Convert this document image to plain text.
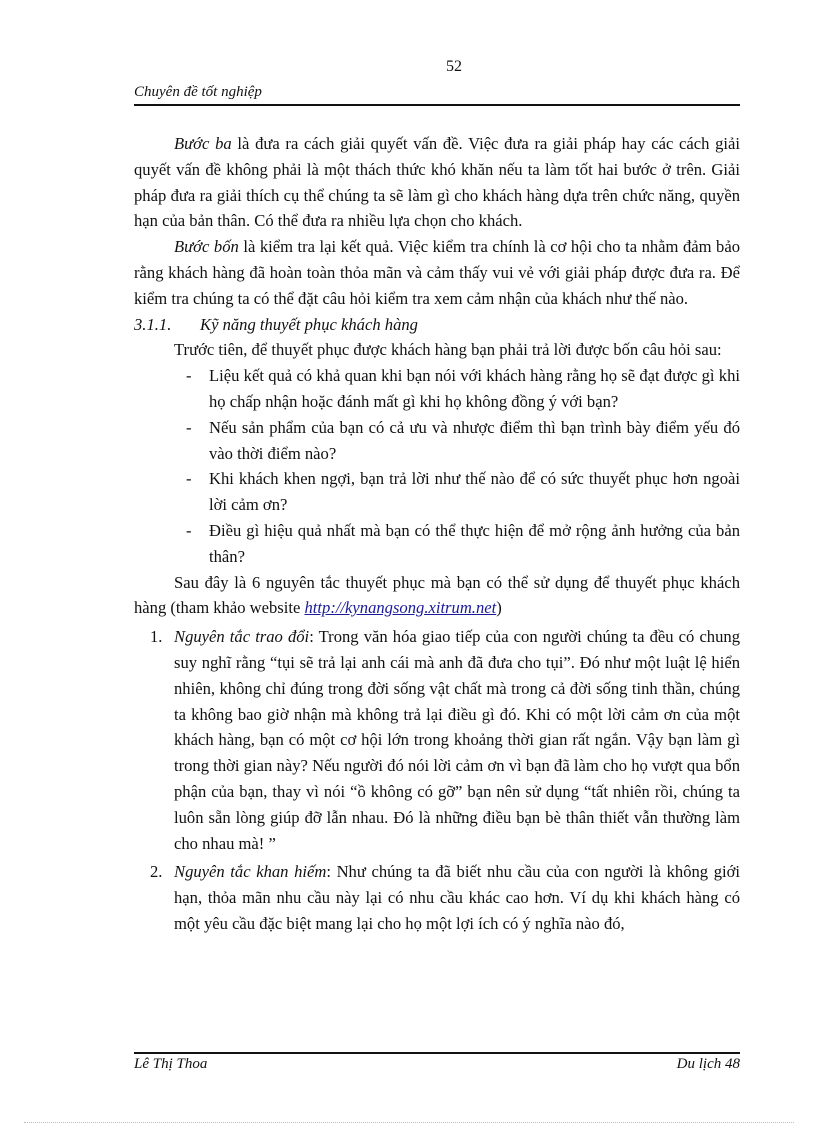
52
Chuyên đề tốt nghiệp

Bước ba là đưa ra cách giải quyết vấn đề. Việc đưa ra giải pháp hay các cách giải quyết vấn đề không phải là một thách thức khó khăn nếu ta làm tốt hai bước ở trên. Giải pháp đưa ra giải thích cụ thể chúng ta sẽ làm gì cho khách hàng dựa trên chức năng, quyền hạn của bản thân. Có thể đưa ra nhiều lựa chọn cho khách.

Bước bốn là kiểm tra lại kết quả. Việc kiểm tra chính là cơ hội cho ta nhằm đảm bảo rằng khách hàng đã hoàn toàn thỏa mãn và cảm thấy vui vẻ với giải pháp được đưa ra. Để kiểm tra chúng ta có thể đặt câu hỏi kiểm tra xem cảm nhận của khách như thế nào.

3.1.1. Kỹ năng thuyết phục khách hàng

Trước tiên, để thuyết phục được khách hàng bạn phải trả lời được bốn câu hỏi sau:

- Liệu kết quả có khả quan khi bạn nói với khách hàng rằng họ sẽ đạt được gì khi họ chấp nhận hoặc đánh mất gì khi họ không đồng ý với bạn?

- Nếu sản phẩm của bạn có cả ưu và nhược điểm thì bạn trình bày điểm yếu đó vào thời điểm nào?

- Khi khách khen ngợi, bạn trả lời như thế nào để có sức thuyết phục hơn ngoài lời cảm ơn?

- Điều gì hiệu quả nhất mà bạn có thể thực hiện để mở rộng ảnh hưởng của bản thân?

Sau đây là 6 nguyên tắc thuyết phục mà bạn có thể sử dụng để thuyết phục khách hàng (tham khảo website http://kynangsong.xitrum.net)

1. Nguyên tắc trao đổi: Trong văn hóa giao tiếp của con người chúng ta đều có chung suy nghĩ rằng “tụi sẽ trả lại anh cái mà anh đã đưa cho tụi”. Đó như một luật lệ hiển nhiên, không chỉ đúng trong đời sống vật chất mà trong cả đời sống tinh thần, chúng ta không bao giờ nhận mà không trả lại điều gì đó. Khi có một lời cảm ơn của một khách hàng, bạn có một cơ hội lớn trong khoảng thời gian rất ngắn. Vậy bạn làm gì trong thời gian này? Nếu người đó nói lời cảm ơn vì bạn đã làm cho họ vượt qua bổn phận của bạn, thay vì nói “ồ không có gỡ” bạn nên sử dụng “tất nhiên rồi, chúng ta luôn sẵn lòng giúp đỡ lẫn nhau. Đó là những điều bạn bè thân thiết vẫn thường làm cho nhau mà! ”

2. Nguyên tắc khan hiếm: Như chúng ta đã biết nhu cầu của con người là không giới hạn, thỏa mãn nhu cầu này lại có nhu cầu khác cao hơn. Ví dụ khi khách hàng có một yêu cầu đặc biệt mang lại cho họ một lợi ích có ý nghĩa nào đó,

Lê Thị Thoa	Du lịch 48
